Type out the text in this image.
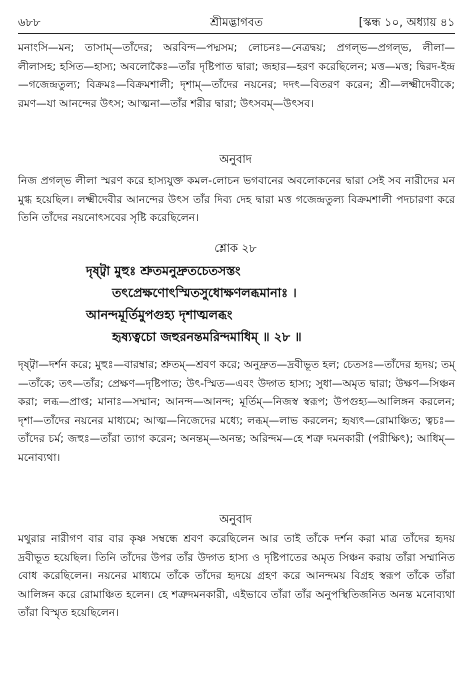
৬৮৮	শ্রীমদ্ভাগবত	[স্কন্ধ ১০, অধ্যায় ৪১
মনাংসি—মন; তাসাম্—তাঁদের; অরবিন্দ—পদ্মসম; লোচনঃ—নেত্রদ্বয়; প্রগল্ভ—প্রগল্ভ, লীলা—লীলাসহ; হসিত—হাস্য; অবলোকৈঃ—তাঁর দৃষ্টিপাত দ্বারা; জহার—হরণ করেছিলেন; মত্ত—মত্ত; দ্বিরদ-ইন্দ্র—গজেন্দ্রতুল্য; বিক্রমঃ—বিক্রমশালী; দৃশাম্—তাঁদের নয়নের; দদৎ—বিতরণ করেন; শ্রী—লক্ষ্মীদেবীকে; রমণ—যা আনন্দের উৎস; আত্মনা—তাঁর শরীর দ্বারা; উৎসবম্—উৎসব।
অনুবাদ
নিজ প্রগল্ভ লীলা স্মরণ করে হাস্যযুক্ত কমল-লোচন ভগবানের অবলোকনের দ্বারা সেই সব নারীদের মন মুগ্ধ হয়েছিল। লক্ষ্মীদেবীর আনন্দের উৎস তাঁর দিব্য দেহ দ্বারা মত্ত গজেন্দ্রতুল্য বিক্রমশালী পদচারণা করে তিনি তাঁদের নয়নোৎসবের সৃষ্টি করেছিলেন।
শ্লোক ২৮
দৃষ্ট্বা মুহুঃ শ্রুতমনুদ্রুতচেতসস্তং
তৎপ্রেক্ষণোৎস্মিতসুধোক্ষণলব্ধমানাঃ ।
আনন্দমূর্তিমুপগুহ্য দৃশাত্মলব্ধং
হৃষ্যত্বচো জহুরনন্তমরিন্দমাধিম্ ॥ ২৮ ॥
দৃষ্ট্বা—দর্শন করে; মুহুঃ—বারম্বার; শ্রুতম্—শ্রবণ করে; অনুদ্রুত—দ্রবীভূত হল; চেতসঃ—তাঁদের হৃদয়; তম্—তাঁকে; তৎ—তাঁর; প্রেক্ষণ—দৃষ্টিপাত; উৎ-স্মিত—এবং উদ্গত হাস্য; সুধা—অমৃত দ্বারা; উক্ষণ—সিঞ্চন করা; লব্ধ—প্রাপ্ত; মানাঃ—সম্মান; আনন্দ—আনন্দ; মূর্তিম্—নিজস্ব স্বরূপ; উপগুহ্য—আলিঙ্গন করলেন; দৃশা—তাঁদের নয়নের মাধ্যমে; আত্ম—নিজেদের মধ্যে; লব্ধম্—লাভ করলেন; হৃষ্যৎ—রোমাঞ্চিত; ত্বচঃ—তাঁদের চর্ম; জহুঃ—তাঁরা ত্যাগ করেন; অনন্তম্—অনন্ত; অরিন্দম—হে শত্রু দমনকারী (পরীক্ষিৎ); আধিম্—মনোব্যথা।
অনুবাদ
মথুরার নারীগণ বার বার কৃষ্ণ সম্বন্ধে শ্রবণ করেছিলেন আর তাই তাঁকে দর্শন করা মাত্র তাঁদের হৃদয় দ্রবীভূত হয়েছিল। তিনি তাঁদের উপর তাঁর উদ্গত হাস্য ও দৃষ্টিপাতের অমৃত সিঞ্চন করায় তাঁরা সম্মানিত বোধ করেছিলেন। নয়নের মাধ্যমে তাঁকে তাঁদের হৃদয়ে গ্রহণ করে আনন্দময় বিগ্রহ স্বরূপ তাঁকে তাঁরা আলিঙ্গন করে রোমাঞ্চিত হলেন। হে শত্রুদমনকারী, এইভাবে তাঁরা তাঁর অনুপস্থিতিজনিত অনন্ত মনোব্যথা তাঁরা বিস্মৃত হয়েছিলেন।
